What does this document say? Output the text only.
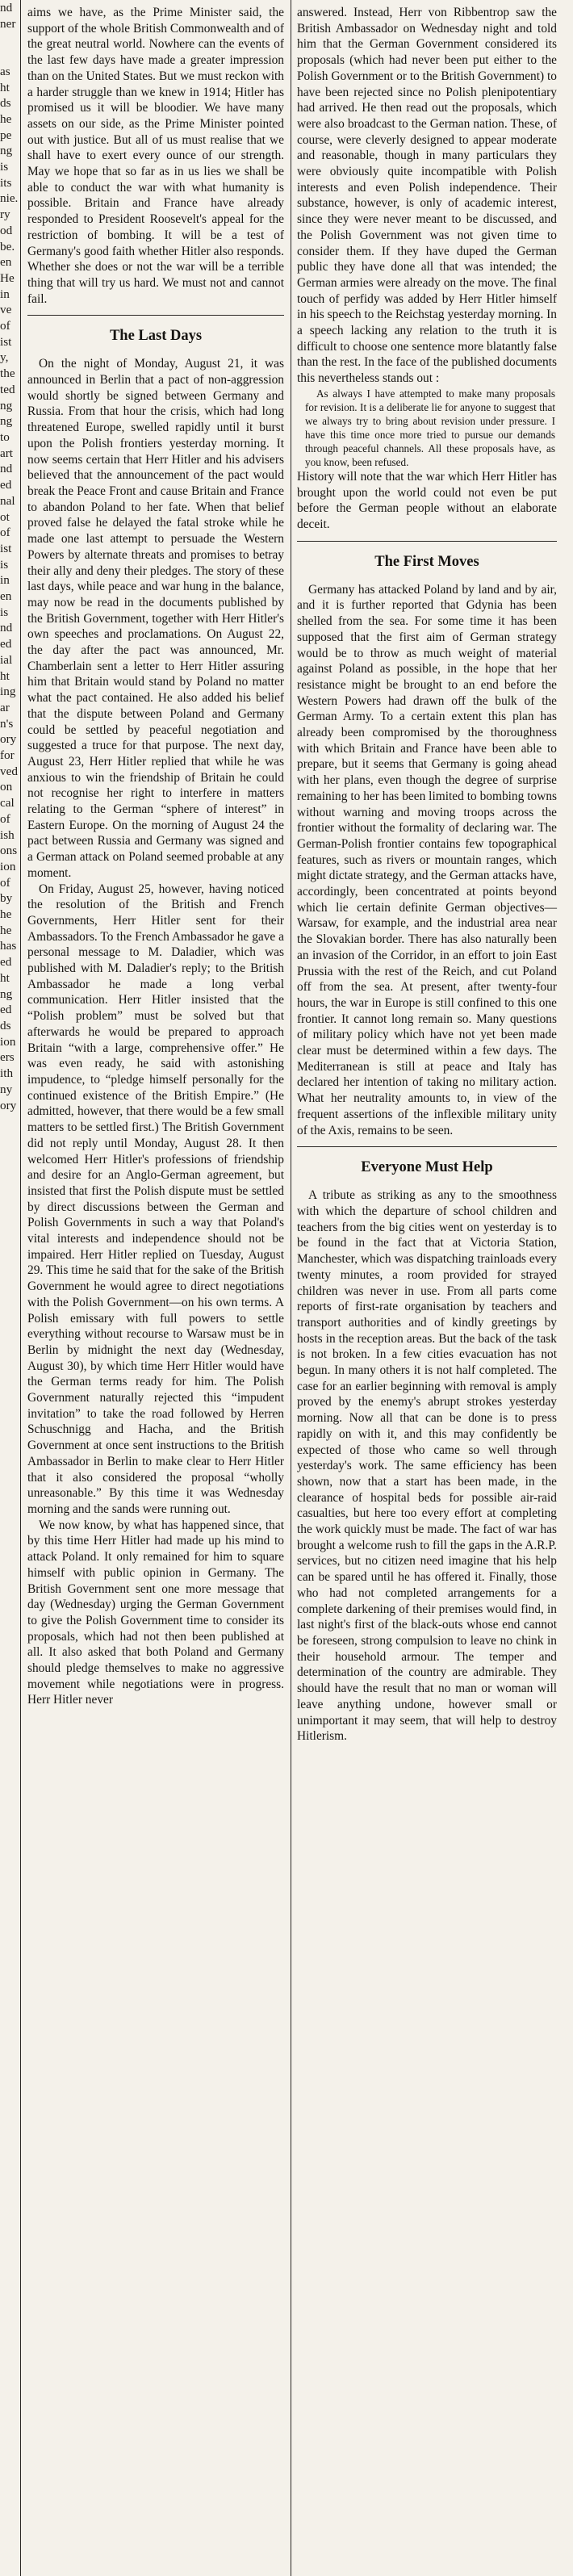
nd
ner

as
ht
ds
he
pe
ng
is
its
nie.
ry
od
be.
en
He
in
ve
of
ist
y,
the
ted
ng
ng
to
art
nd
ed
nal
ot
of
ist
is
in
en
is
nd
ed
ial
ht
ing
ar
n's
ory
for
ved
on
cal
of
ish
ons
ion
of
by
he
he
has
ed
ht
ng
ed
ds
ion
ers
ith
ny
ory

aims we have, as the Prime Minister said, the support of the whole British Commonwealth and of the great neutral world. Nowhere can the events of the last few days have made a greater impression than on the United States. But we must reckon with a harder struggle than we knew in 1914; Hitler has promised us it will be bloodier. We have many assets on our side, as the Prime Minister pointed out with justice. But all of us must realise that we shall have to exert every ounce of our strength. May we hope that so far as in us lies we shall be able to conduct the war with what humanity is possible. Britain and France have already responded to President Roosevelt's appeal for the restriction of bombing. It will be a test of Germany's good faith whether Hitler also responds. Whether she does or not the war will be a terrible thing that will try us hard. We must not and cannot fail.

The Last Days

On the night of Monday, August 21, it was announced in Berlin that a pact of non-aggression would shortly be signed between Germany and Russia. From that hour the crisis, which had long threatened Europe, swelled rapidly until it burst upon the Polish frontiers yesterday morning. It now seems certain that Herr Hitler and his advisers believed that the announcement of the pact would break the Peace Front and cause Britain and France to abandon Poland to her fate. When that belief proved false he delayed the fatal stroke while he made one last attempt to persuade the Western Powers by alternate threats and promises to betray their ally and deny their pledges. The story of these last days, while peace and war hung in the balance, may now be read in the documents published by the British Government, together with Herr Hitler's own speeches and proclamations. On August 22, the day after the pact was announced, Mr. Chamberlain sent a letter to Herr Hitler assuring him that Britain would stand by Poland no matter what the pact contained. He also added his belief that the dispute between Poland and Germany could be settled by peaceful negotiation and suggested a truce for that purpose. The next day, August 23, Herr Hitler replied that while he was anxious to win the friendship of Britain he could not recognise her right to interfere in matters relating to the German “sphere of interest” in Eastern Europe. On the morning of August 24 the pact between Russia and Germany was signed and a German attack on Poland seemed probable at any moment.

On Friday, August 25, however, having noticed the resolution of the British and French Governments, Herr Hitler sent for their Ambassadors. To the French Ambassador he gave a personal message to M. Daladier, which was published with M. Daladier's reply; to the British Ambassador he made a long verbal communication. Herr Hitler insisted that the “Polish problem” must be solved but that afterwards he would be prepared to approach Britain “with a large, comprehensive offer.” He was even ready, he said with astonishing impudence, to “pledge himself personally for the continued existence of the British Empire.” (He admitted, however, that there would be a few small matters to be settled first.) The British Government did not reply until Monday, August 28. It then welcomed Herr Hitler's professions of friendship and desire for an Anglo-German agreement, but insisted that first the Polish dispute must be settled by direct discussions between the German and Polish Governments in such a way that Poland's vital interests and independence should not be impaired. Herr Hitler replied on Tuesday, August 29. This time he said that for the sake of the British Government he would agree to direct negotiations with the Polish Government—on his own terms. A Polish emissary with full powers to settle everything without recourse to Warsaw must be in Berlin by midnight the next day (Wednesday, August 30), by which time Herr Hitler would have the German terms ready for him. The Polish Government naturally rejected this “impudent invitation” to take the road followed by Herren Schuschnigg and Hacha, and the British Government at once sent instructions to the British Ambassador in Berlin to make clear to Herr Hitler that it also considered the proposal “wholly unreasonable.” By this time it was Wednesday morning and the sands were running out.

We now know, by what has happened since, that by this time Herr Hitler had made up his mind to attack Poland. It only remained for him to square himself with public opinion in Germany. The British Government sent one more message that day (Wednesday) urging the German Government to give the Polish Government time to consider its proposals, which had not then been published at all. It also asked that both Poland and Germany should pledge themselves to make no aggressive movement while negotiations were in progress. Herr Hitler never

answered. Instead, Herr von Ribbentrop saw the British Ambassador on Wednesday night and told him that the German Government considered its proposals (which had never been put either to the Polish Government or to the British Government) to have been rejected since no Polish plenipotentiary had arrived. He then read out the proposals, which were also broadcast to the German nation. These, of course, were cleverly designed to appear moderate and reasonable, though in many particulars they were obviously quite incompatible with Polish interests and even Polish independence. Their substance, however, is only of academic interest, since they were never meant to be discussed, and the Polish Government was not given time to consider them. If they have duped the German public they have done all that was intended; the German armies were already on the move. The final touch of perfidy was added by Herr Hitler himself in his speech to the Reichstag yesterday morning. In a speech lacking any relation to the truth it is difficult to choose one sentence more blatantly false than the rest. In the face of the published documents this nevertheless stands out :

As always I have attempted to make many proposals for revision. It is a deliberate lie for anyone to suggest that we always try to bring about revision under pressure. I have this time once more tried to pursue our demands through peaceful channels. All these proposals have, as you know, been refused.

History will note that the war which Herr Hitler has brought upon the world could not even be put before the German people without an elaborate deceit.

The First Moves

Germany has attacked Poland by land and by air, and it is further reported that Gdynia has been shelled from the sea. For some time it has been supposed that the first aim of German strategy would be to throw as much weight of material against Poland as possible, in the hope that her resistance might be brought to an end before the Western Powers had drawn off the bulk of the German Army. To a certain extent this plan has already been compromised by the thoroughness with which Britain and France have been able to prepare, but it seems that Germany is going ahead with her plans, even though the degree of surprise remaining to her has been limited to bombing towns without warning and moving troops across the frontier without the formality of declaring war. The German-Polish frontier contains few topographical features, such as rivers or mountain ranges, which might dictate strategy, and the German attacks have, accordingly, been concentrated at points beyond which lie certain definite German objectives—Warsaw, for example, and the industrial area near the Slovakian border. There has also naturally been an invasion of the Corridor, in an effort to join East Prussia with the rest of the Reich, and cut Poland off from the sea. At present, after twenty-four hours, the war in Europe is still confined to this one frontier. It cannot long remain so. Many questions of military policy which have not yet been made clear must be determined within a few days. The Mediterranean is still at peace and Italy has declared her intention of taking no military action. What her neutrality amounts to, in view of the frequent assertions of the inflexible military unity of the Axis, remains to be seen.

Everyone Must Help

A tribute as striking as any to the smoothness with which the departure of school children and teachers from the big cities went on yesterday is to be found in the fact that at Victoria Station, Manchester, which was dispatching trainloads every twenty minutes, a room provided for strayed children was never in use. From all parts come reports of first-rate organisation by teachers and transport authorities and of kindly greetings by hosts in the reception areas. But the back of the task is not broken. In a few cities evacuation has not begun. In many others it is not half completed. The case for an earlier beginning with removal is amply proved by the enemy's abrupt strokes yesterday morning. Now all that can be done is to press rapidly on with it, and this may confidently be expected of those who came so well through yesterday's work. The same efficiency has been shown, now that a start has been made, in the clearance of hospital beds for possible air-raid casualties, but here too every effort at completing the work quickly must be made. The fact of war has brought a welcome rush to fill the gaps in the A.R.P. services, but no citizen need imagine that his help can be spared until he has offered it. Finally, those who had not completed arrangements for a complete darkening of their premises would find, in last night's first of the black-outs whose end cannot be foreseen, strong compulsion to leave no chink in their household armour. The temper and determination of the country are admirable. They should have the result that no man or woman will leave anything undone, however small or unimportant it may seem, that will help to destroy Hitlerism.
